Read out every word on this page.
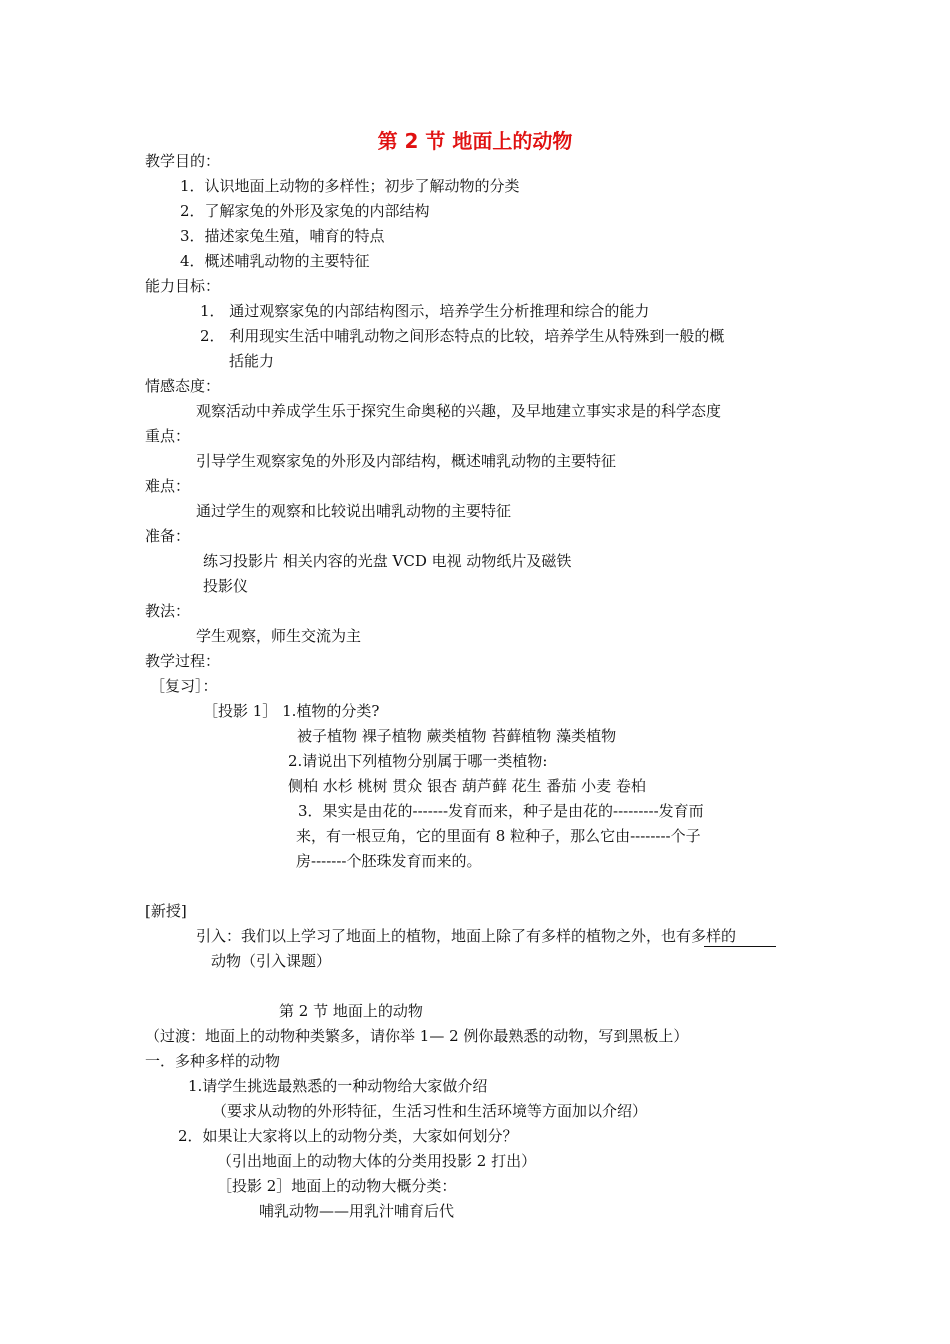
第 2 节 地面上的动物
教学目的：
1．认识地面上动物的多样性；初步了解动物的分类
2．了解家兔的外形及家兔的内部结构
3．描述家兔生殖，哺育的特点
4．概述哺乳动物的主要特征
能力目标：
1． 通过观察家兔的内部结构图示，培养学生分析推理和综合的能力
2． 利用现实生活中哺乳动物之间形态特点的比较，培养学生从特殊到一般的概
括能力
情感态度：
观察活动中养成学生乐于探究生命奥秘的兴趣，及早地建立事实求是的科学态度
重点：
引导学生观察家兔的外形及内部结构，概述哺乳动物的主要特征
难点：
通过学生的观察和比较说出哺乳动物的主要特征
准备：
练习投影片 相关内容的光盘 VCD 电视 动物纸片及磁铁
投影仪
教法：
学生观察，师生交流为主
教学过程：
［复习］：
［投影 1］ 1.植物的分类?
被子植物 裸子植物 蕨类植物 苔藓植物 藻类植物
2.请说出下列植物分别属于哪一类植物:
侧柏 水杉 桃树 贯众 银杏 葫芦藓 花生 番茄 小麦 卷柏
3．果实是由花的-------发育而来，种子是由花的---------发育而
来，有一根豆角，它的里面有 8 粒种子，那么它由--------个子
房-------个胚珠发育而来的。
[新授]
引入：我们以上学习了地面上的植物，地面上除了有多样的植物之外，也有多样的
动物（引入课题）
第 2 节 地面上的动物
（过渡：地面上的动物种类繁多，请你举 1— 2 例你最熟悉的动物，写到黑板上）
一．多种多样的动物
1.请学生挑选最熟悉的一种动物给大家做介绍
（要求从动物的外形特征，生活习性和生活环境等方面加以介绍）
2．如果让大家将以上的动物分类，大家如何划分？
（引出地面上的动物大体的分类用投影 2 打出）
［投影 2］地面上的动物大概分类：
哺乳动物——用乳汁哺育后代
